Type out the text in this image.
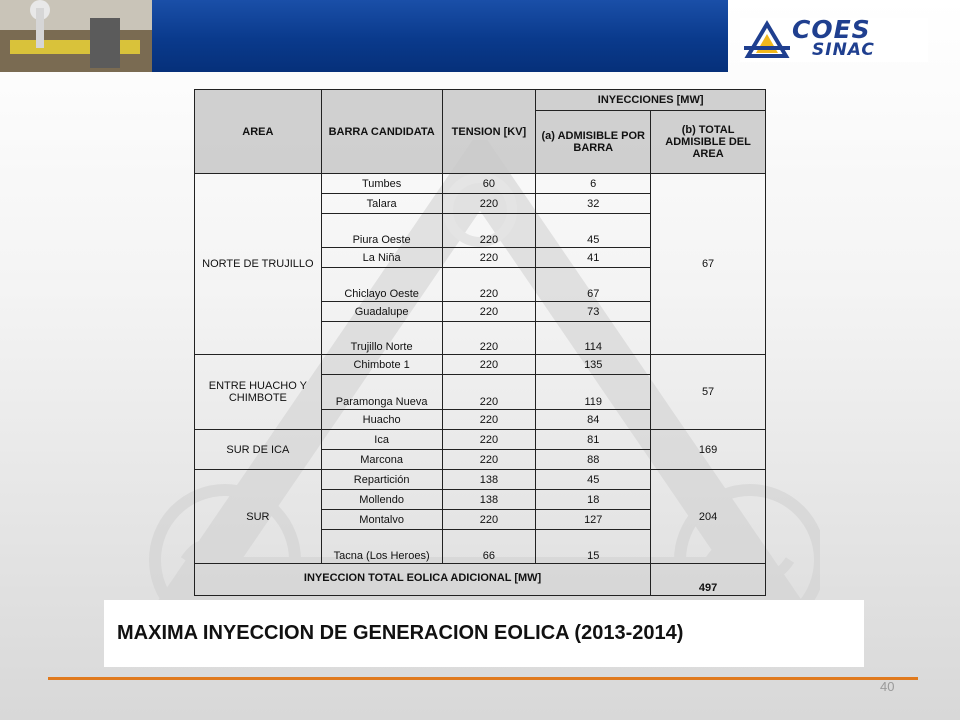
COES
SINAC
AREA	BARRA CANDIDATA	TENSION [KV]	INYECCIONES [MW]	
			(a) ADMISIBLE POR BARRA	(b) TOTAL ADMISIBLE DEL AREA
NORTE DE TRUJILLO	Tumbes	60	6	67
	Talara	220	32	
	Piura Oeste	220	45	
	La Niña	220	41	
	Chiclayo Oeste	220	67	
	Guadalupe	220	73	
	Trujillo Norte	220	114	
ENTRE HUACHO Y CHIMBOTE	Chimbote 1	220	135	57
	Paramonga Nueva	220	119	
	Huacho	220	84	
SUR DE ICA	Ica	220	81	169
	Marcona	220	88	
SUR	Repartición	138	45	204
	Mollendo	138	18	
	Montalvo	220	127	
	Tacna (Los Heroes)	66	15	
INYECCION TOTAL EOLICA ADICIONAL [MW]				497
MAXIMA INYECCION DE GENERACION EOLICA (2013-2014)
40
